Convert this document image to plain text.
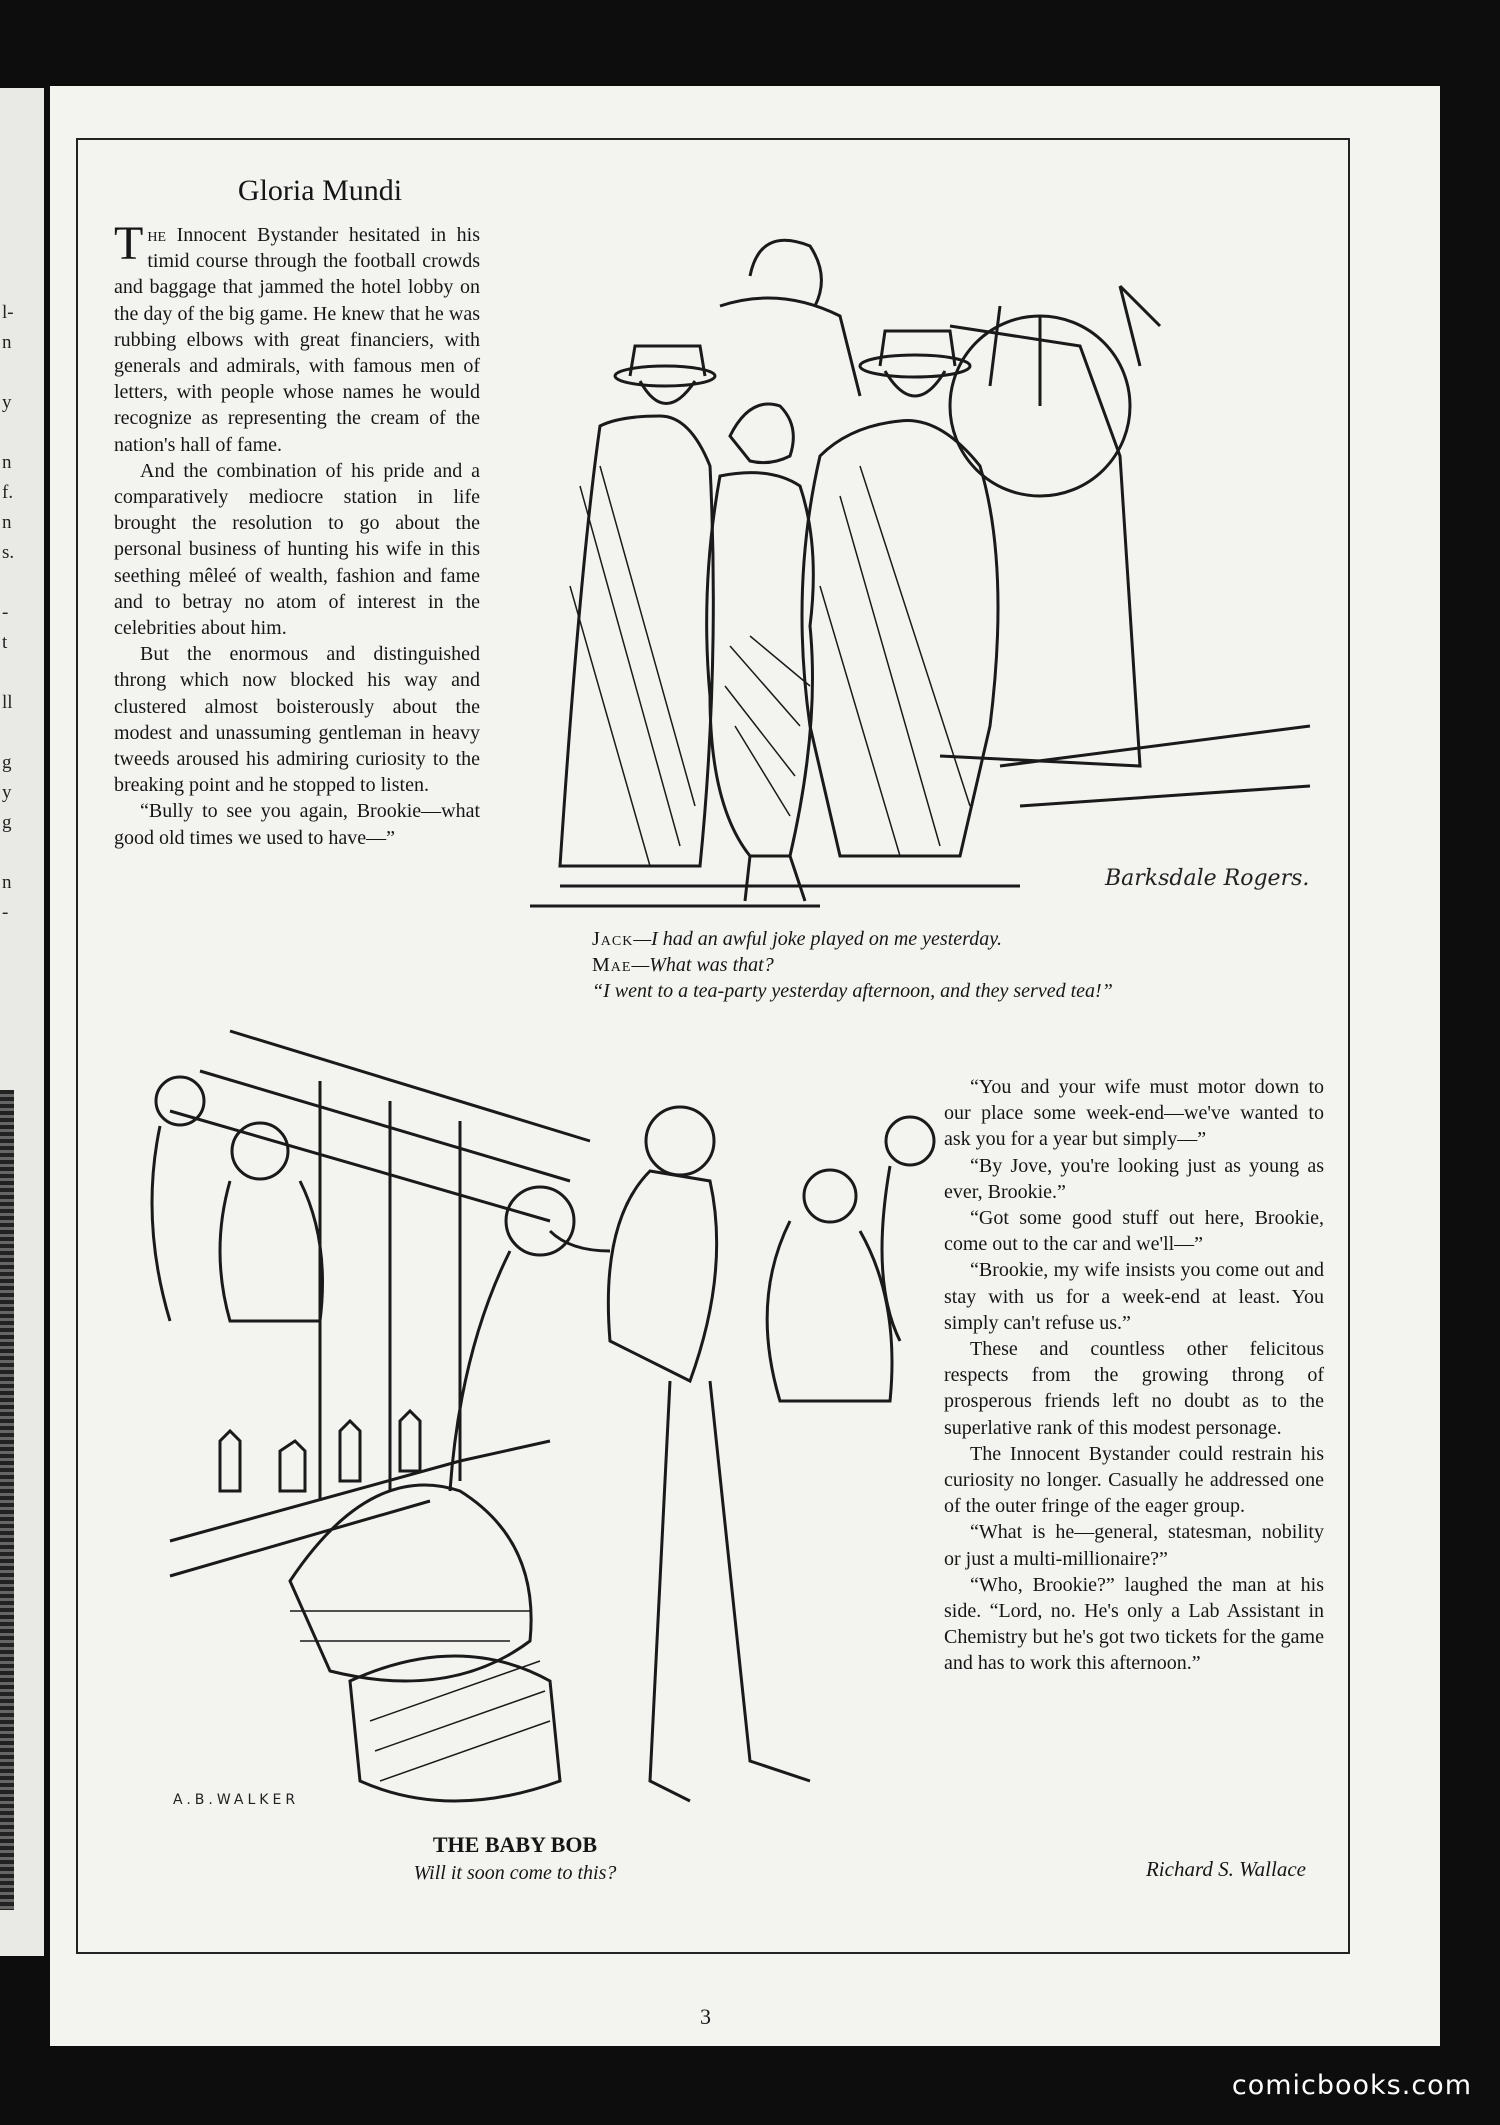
l-
n

y

n
f.
n
s.

-
t

ll

g
y
g

n
-
Gloria Mundi

The Innocent Bystander hesitated in his timid course through the football crowds and baggage that jammed the hotel lobby on the day of the big game. He knew that he was rubbing elbows with great financiers, with generals and admirals, with famous men of letters, with people whose names he would recognize as representing the cream of the nation's hall of fame.

And the combination of his pride and a comparatively mediocre station in life brought the resolution to go about the personal business of hunting his wife in this seething mêleé of wealth, fashion and fame and to betray no atom of interest in the celebrities about him.

But the enormous and distinguished throng which now blocked his way and clustered almost boisterously about the modest and unassuming gentleman in heavy tweeds aroused his admiring curiosity to the breaking point and he stopped to listen.

“Bully to see you again, Brookie—what good old times we used to have—”

Barksdale Rogers.
Jack—I had an awful joke played on me yesterday.
Mae—What was that?
“I went to a tea-party yesterday afternoon, and they served tea!”
A.B.WALKER
THE BABY BOB
Will it soon come to this?

“You and your wife must motor down to our place some week-end—we've wanted to ask you for a year but simply—”

“By Jove, you're looking just as young as ever, Brookie.”

“Got some good stuff out here, Brookie, come out to the car and we'll—”

“Brookie, my wife insists you come out and stay with us for a week-end at least. You simply can't refuse us.”

These and countless other felicitous respects from the growing throng of prosperous friends left no doubt as to the superlative rank of this modest personage.

The Innocent Bystander could restrain his curiosity no longer. Casually he addressed one of the outer fringe of the eager group.

“What is he—general, statesman, nobility or just a multi-millionaire?”

“Who, Brookie?” laughed the man at his side. “Lord, no. He's only a Lab Assistant in Chemistry but he's got two tickets for the game and has to work this afternoon.”

Richard S. Wallace
3
comicbooks.com
